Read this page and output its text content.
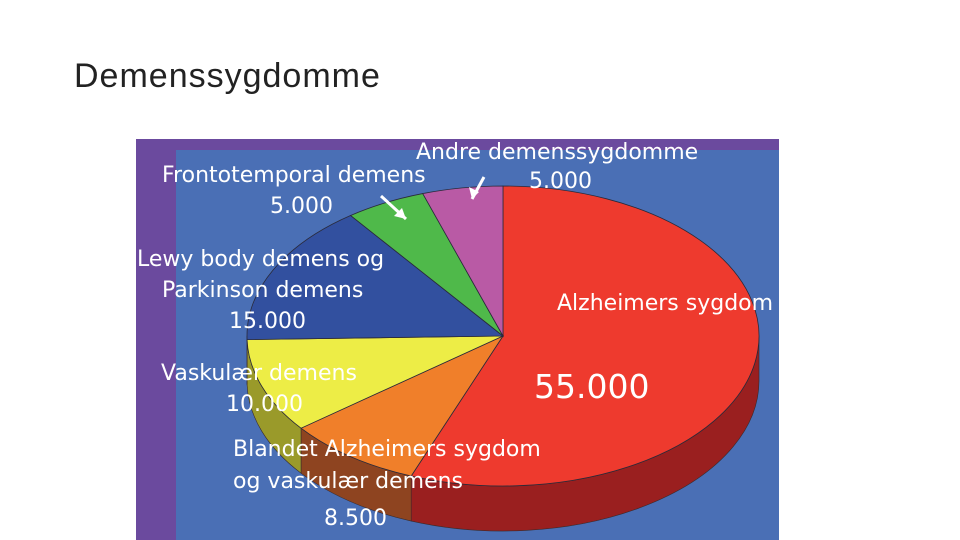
Demenssygdomme
Andre demenssygdomme
5.000
Frontotemporal demens
5.000
Lewy body demens og
Parkinson demens
15.000
Alzheimers sygdom
55.000
Vaskulær demens
10.000
Blandet Alzheimers sygdom
og vaskulær demens
8.500
